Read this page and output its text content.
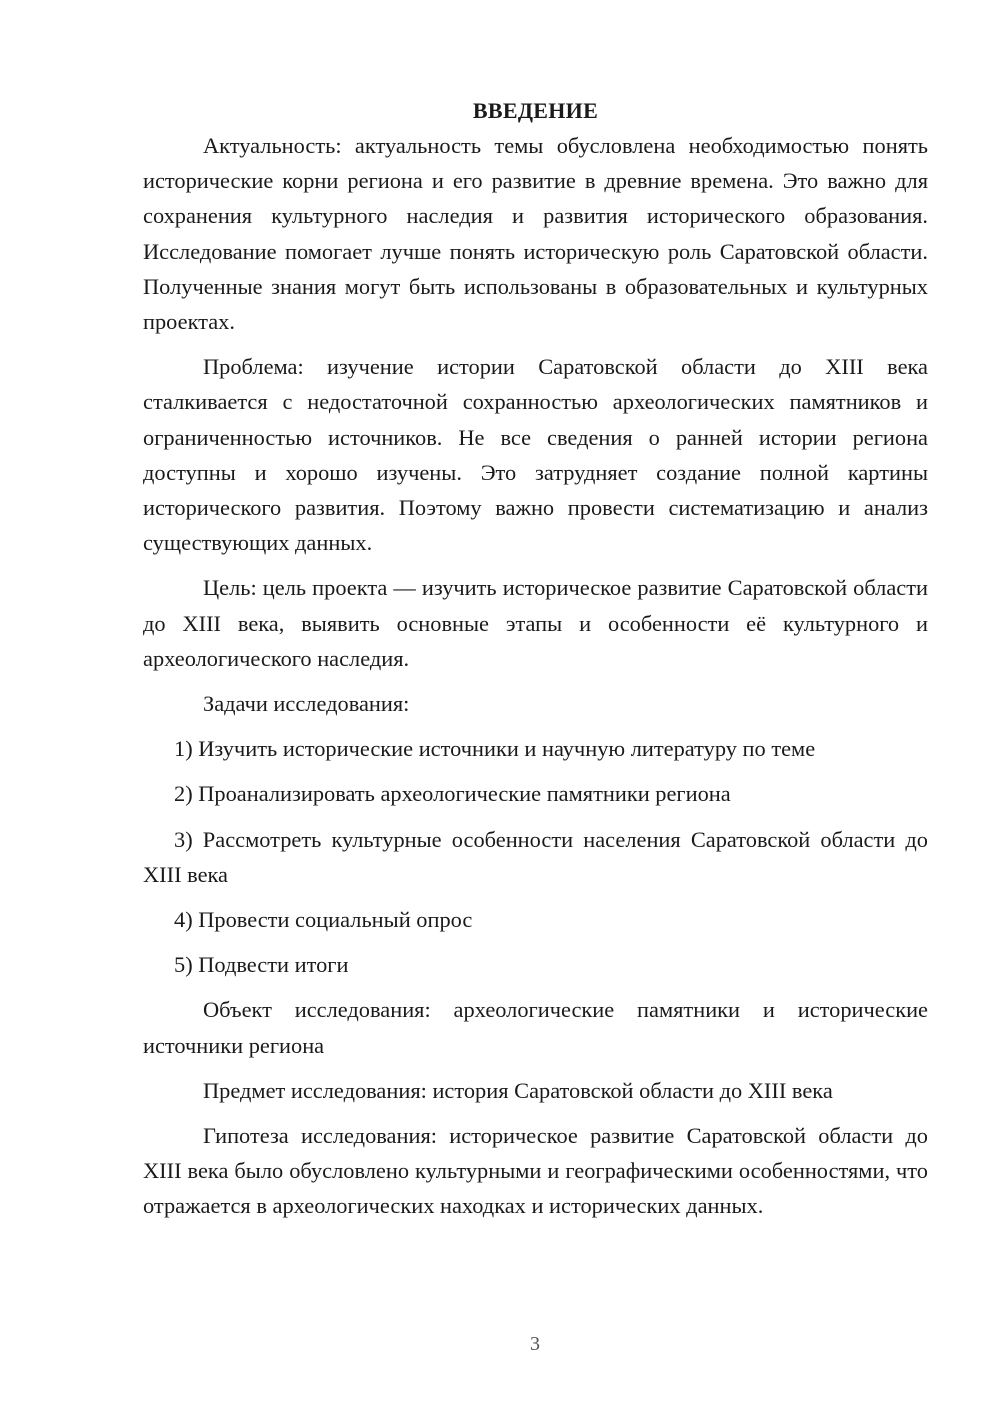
ВВЕДЕНИЕ

Актуальность: актуальность темы обусловлена необходимостью понять исторические корни региона и его развитие в древние времена. Это важно для сохранения культурного наследия и развития исторического образования. Исследование помогает лучше понять историческую роль Саратовской области. Полученные знания могут быть использованы в образовательных и культурных проектах.

Проблема: изучение истории Саратовской области до XIII века сталкивается с недостаточной сохранностью археологических памятников и ограниченностью источников. Не все сведения о ранней истории региона доступны и хорошо изучены. Это затрудняет создание полной картины исторического развития. Поэтому важно провести систематизацию и анализ существующих данных.

Цель: цель проекта — изучить историческое развитие Саратовской области до XIII века, выявить основные этапы и особенности её культурного и археологического наследия.

Задачи исследования:

1) Изучить исторические источники и научную литературу по теме

2) Проанализировать археологические памятники региона

3) Рассмотреть культурные особенности населения Саратовской области до XIII века

4) Провести социальный опрос

5) Подвести итоги

Объект исследования: археологические памятники и исторические источники региона

Предмет исследования: история Саратовской области до XIII века

Гипотеза исследования: историческое развитие Саратовской области до XIII века было обусловлено культурными и географическими особенностями, что отражается в археологических находках и исторических данных.

3
